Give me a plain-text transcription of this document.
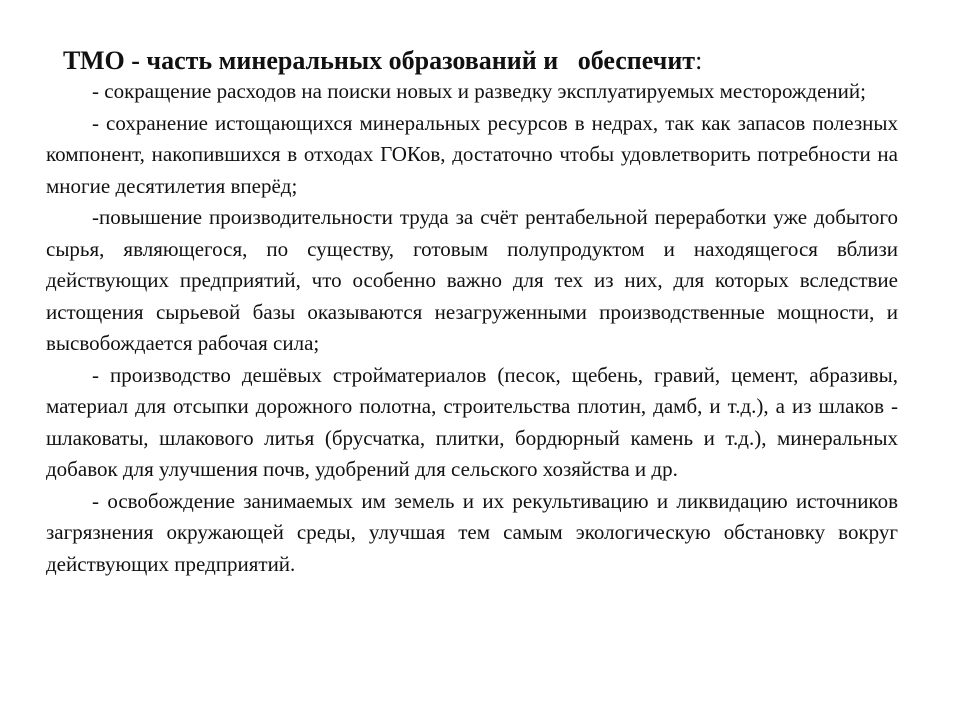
ТМО - часть минеральных образований и   обеспечит:

- сокращение расходов на поиски новых и разведку эксплуатируемых месторождений;

- сохранение истощающихся минеральных ресурсов в недрах, так как запасов полезных компонент, накопившихся в отходах ГОКов, достаточно чтобы удовлетворить потребности на многие десятилетия вперёд;

-повышение производительности труда за счёт рентабельной переработки уже добытого сырья, являющегося, по существу, готовым полупродуктом и находящегося вблизи действующих предприятий, что особенно важно для тех из них, для которых вследствие истощения сырьевой базы оказываются незагруженными производственные мощности, и высвобождается рабочая сила;

- производство дешёвых стройматериалов (песок, щебень, гравий, цемент, абразивы, материал для отсыпки дорожного полотна, строительства плотин, дамб, и т.д.), а из шлаков - шлаковаты, шлакового литья (брусчатка, плитки, бордюрный камень и т.д.), минеральных добавок для улучшения почв, удобрений для сельского хозяйства и др.

- освобождение занимаемых им земель и их рекультивацию и ликвидацию источников загрязнения окружающей среды, улучшая тем самым экологическую обстановку вокруг действующих предприятий.
